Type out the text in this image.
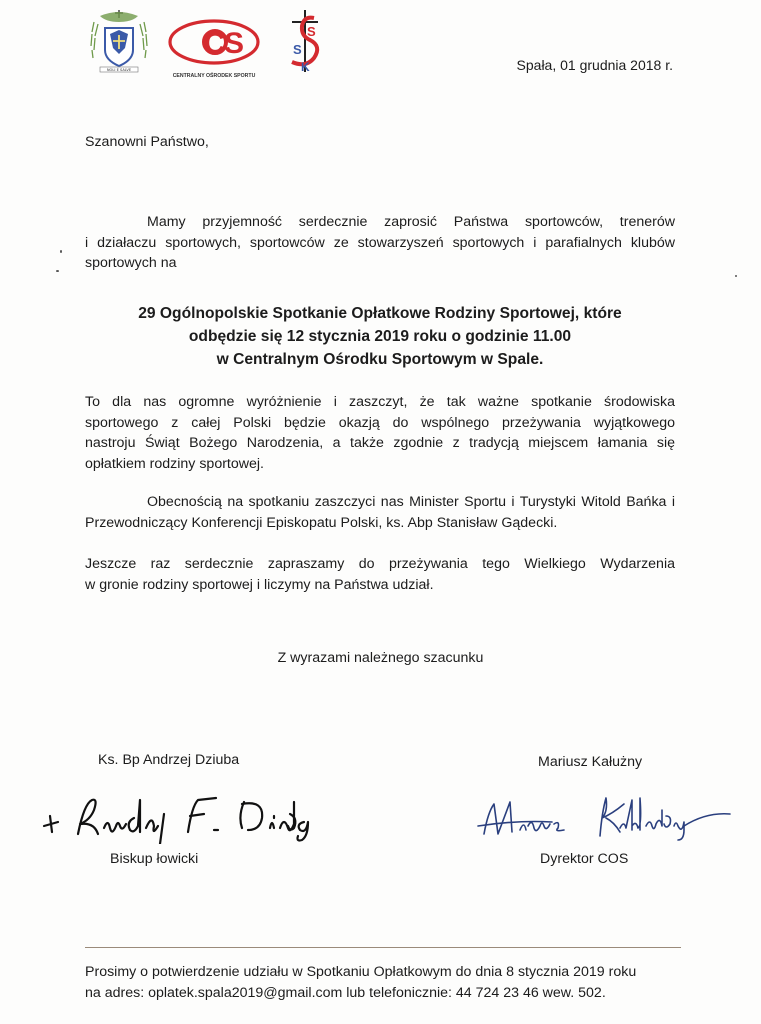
NOLI E SALVE
C S
CENTRALNY OŚRODEK SPORTU
S
S
K	Spała, 01 grudnia 2018 r.
Szanowni Państwo,
Mamy przyjemność serdecznie zaprosić Państwa sportowców, trenerów
i działaczu sportowych, sportowców ze stowarzyszeń sportowych i parafialnych klubów
sportowych na
29 Ogólnopolskie Spotkanie Opłatkowe Rodziny Sportowej, które
odbędzie się 12 stycznia 2019 roku o godzinie 11.00
w Centralnym Ośrodku Sportowym w Spale.
To dla nas ogromne wyróżnienie i zaszczyt, że tak ważne spotkanie środowiska
sportowego z całej Polski będzie okazją do wspólnego przeżywania wyjątkowego
nastroju Świąt Bożego Narodzenia, a także zgodnie z tradycją miejscem łamania się
opłatkiem rodziny sportowej.
Obecnością na spotkaniu zaszczyci nas Minister Sportu i Turystyki Witold Bańka i
Przewodniczący Konferencji Episkopatu Polski, ks. Abp Stanisław Gądecki.
Jeszcze raz serdecznie zapraszamy do przeżywania tego Wielkiego Wydarzenia
w gronie rodziny sportowej i liczymy na Państwa udział.
Z wyrazami należnego szacunku
Ks. Bp Andrzej Dziuba	Mariusz Kałużny
Biskup łowicki	Dyrektor COS
Prosimy o potwierdzenie udziału w Spotkaniu Opłatkowym do dnia 8 stycznia 2019 roku
na adres: oplatek.spala2019@gmail.com lub telefonicznie: 44 724 23 46 wew. 502.
